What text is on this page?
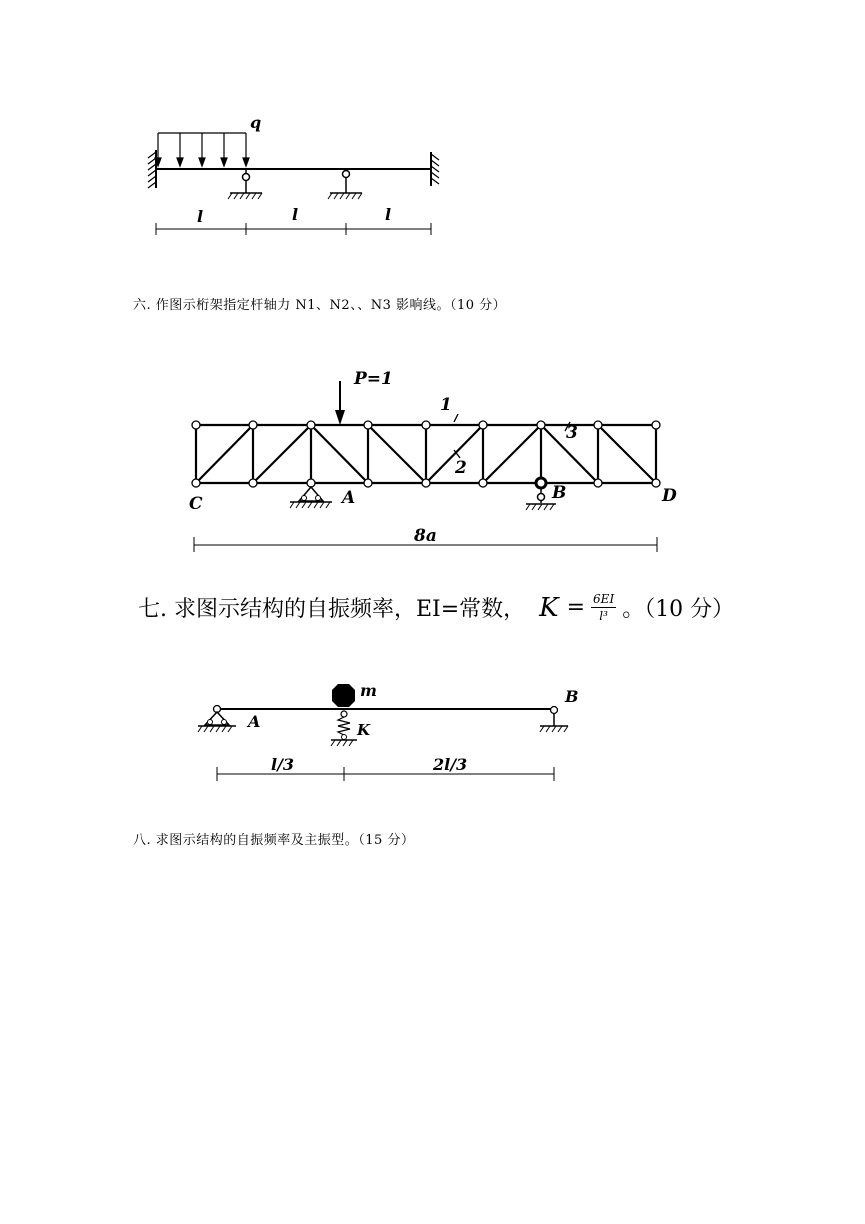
q
l	l	l
六. 作图示桁架指定杆轴力 N1、N2、、N3 影响线。（10 分）
1
2
3
P=1
A	B
C	D
8a
七. 求图示结构的自振频率，EI=常数， $K = \frac{6EI}{\text{l³}}$ 。（10 分）
A
m
K
B
l/3	2l/3
八. 求图示结构的自振频率及主振型。（15 分）
